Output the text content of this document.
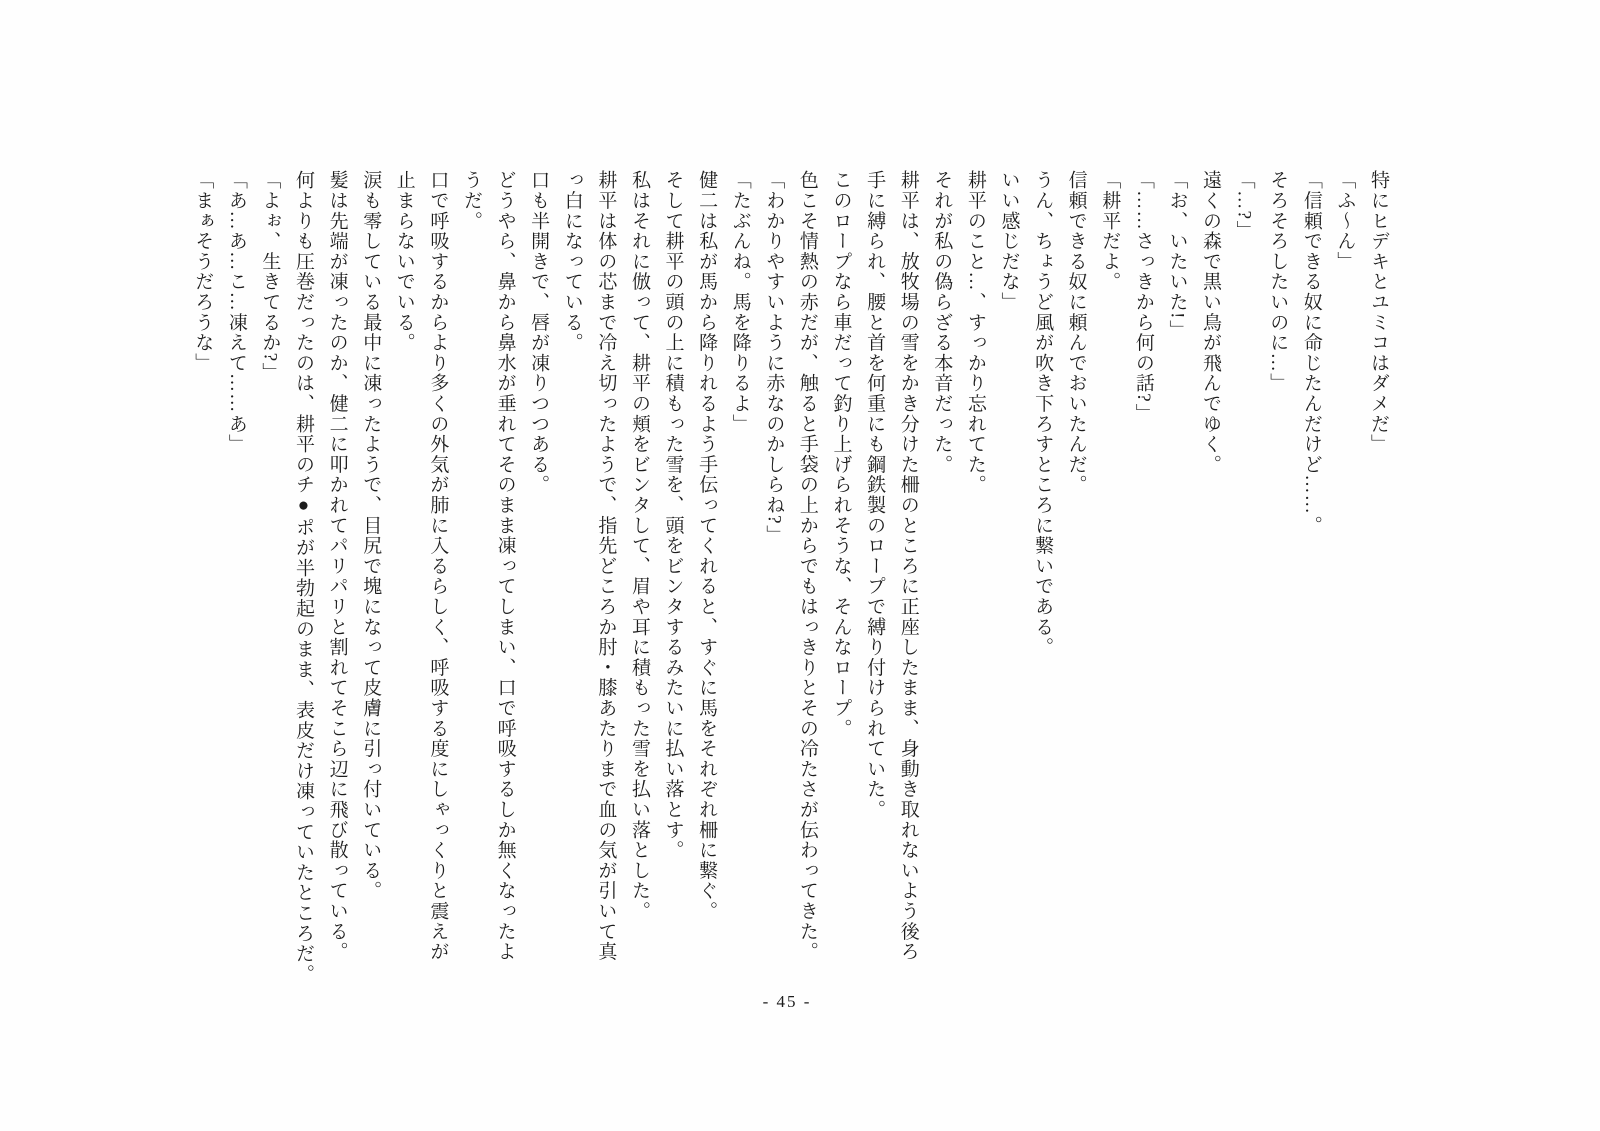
特にヒデキとユミコはダメだ」
「ふ〜ん」
「信頼できる奴に命じたんだけど……。
そろそろしたいのに…」
「…?」
遠くの森で黒い鳥が飛んでゆく。
「お、いたいた!」
「……さっきから何の話?」
「耕平だよ。
信頼できる奴に頼んでおいたんだ。
うん、ちょうど風が吹き下ろすところに繋いである。
いい感じだな」
耕平のこと…、すっかり忘れてた。
それが私の偽らざる本音だった。
耕平は、放牧場の雪をかき分けた柵のところに正座したまま、身動き取れないよう後ろ
手に縛られ、腰と首を何重にも鋼鉄製のロープで縛り付けられていた。
このロープなら車だって釣り上げられそうな、そんなロープ。
色こそ情熱の赤だが、触ると手袋の上からでもはっきりとその冷たさが伝わってきた。
「わかりやすいように赤なのかしらね?」
「たぶんね。馬を降りるよ」
健二は私が馬から降りれるよう手伝ってくれると、すぐに馬をそれぞれ柵に繋ぐ。
そして耕平の頭の上に積もった雪を、頭をビンタするみたいに払い落とす。
私はそれに倣って、耕平の頬をビンタして、眉や耳に積もった雪を払い落とした。
耕平は体の芯まで冷え切ったようで、指先どころか肘・膝あたりまで血の気が引いて真
っ白になっている。
口も半開きで、唇が凍りつつある。
どうやら、鼻から鼻水が垂れてそのまま凍ってしまい、口で呼吸するしか無くなったよ
うだ。
口で呼吸するからより多くの外気が肺に入るらしく、呼吸する度にしゃっくりと震えが
止まらないでいる。
涙も零している最中に凍ったようで、目尻で塊になって皮膚に引っ付いている。
髪は先端が凍ったのか、健二に叩かれてパリパリと割れてそこら辺に飛び散っている。
何よりも圧巻だったのは、耕平のチ●ポが半勃起のまま、表皮だけ凍っていたところだ。
「よぉ、生きてるか?」
「あ…あ…こ…凍えて……あ」
「まぁそうだろうな」
- 45 -
